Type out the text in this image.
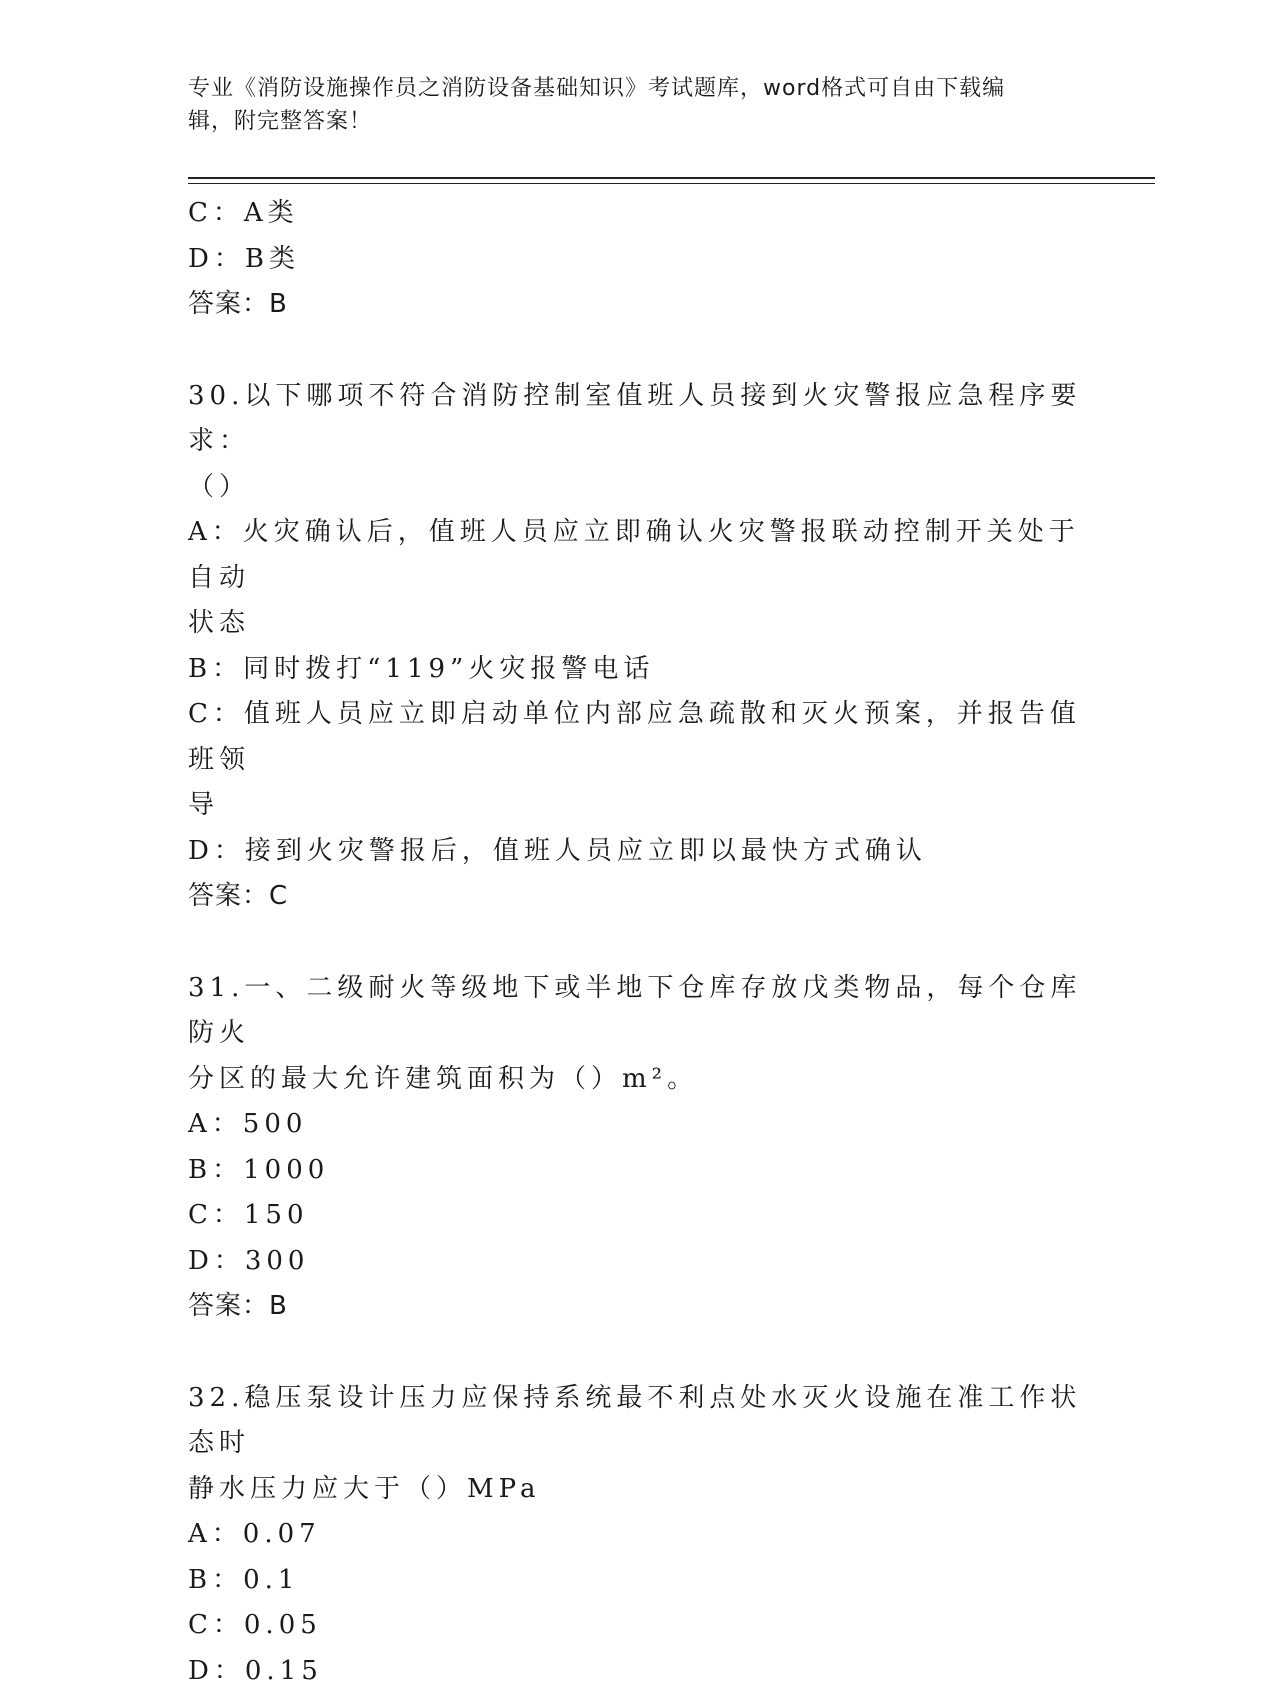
专业《消防设施操作员之消防设备基础知识》考试题库，word格式可自由下载编
辑，附完整答案！
C：A类
D：B类
答案：B
30.以下哪项不符合消防控制室值班人员接到火灾警报应急程序要求：
（）
A：火灾确认后，值班人员应立即确认火灾警报联动控制开关处于自动
状态
B：同时拨打“119”火灾报警电话
C：值班人员应立即启动单位内部应急疏散和灭火预案，并报告值班领
导
D：接到火灾警报后，值班人员应立即以最快方式确认
答案：C
31.一、二级耐火等级地下或半地下仓库存放戊类物品，每个仓库防火
分区的最大允许建筑面积为（）m²。
A：500
B：1000
C：150
D：300
答案：B
32.稳压泵设计压力应保持系统最不利点处水灭火设施在准工作状态时
静水压力应大于（）MPa
A：0.07
B：0.1
C：0.05
D：0.15
